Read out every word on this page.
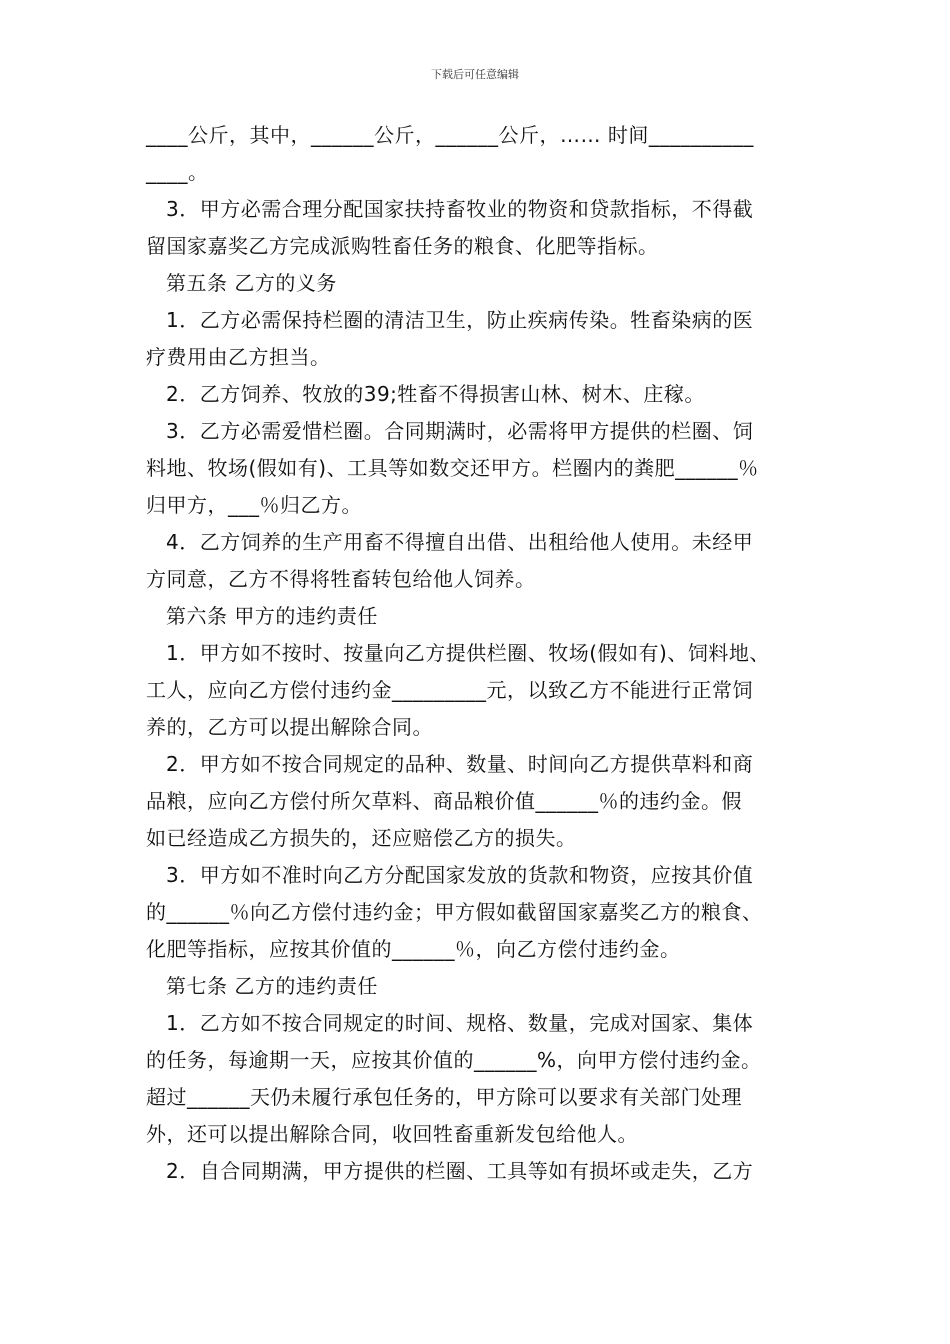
下载后可任意编辑
____公斤，其中，______公斤，______公斤，…… 时间__________
____。
3．甲方必需合理分配国家扶持畜牧业的物资和贷款指标，不得截
留国家嘉奖乙方完成派购牲畜任务的粮食、化肥等指标。
第五条 乙方的义务
1．乙方必需保持栏圈的清洁卫生，防止疾病传染。牲畜染病的医
疗费用由乙方担当。
2．乙方饲养、牧放的39;牲畜不得损害山林、树木、庄稼。
3．乙方必需爱惜栏圈。合同期满时，必需将甲方提供的栏圈、饲
料地、牧场(假如有)、工具等如数交还甲方。栏圈内的粪肥______％
归甲方，___％归乙方。
4．乙方饲养的生产用畜不得擅自出借、出租给他人使用。未经甲
方同意，乙方不得将牲畜转包给他人饲养。
第六条 甲方的违约责任
1．甲方如不按时、按量向乙方提供栏圈、牧场(假如有)、饲料地、
工人，应向乙方偿付违约金_________元，以致乙方不能进行正常饲
养的，乙方可以提出解除合同。
2．甲方如不按合同规定的品种、数量、时间向乙方提供草料和商
品粮，应向乙方偿付所欠草料、商品粮价值______％的违约金。假
如已经造成乙方损失的，还应赔偿乙方的损失。
3．甲方如不准时向乙方分配国家发放的货款和物资，应按其价值
的______％向乙方偿付违约金；甲方假如截留国家嘉奖乙方的粮食、
化肥等指标，应按其价值的______％，向乙方偿付违约金。
第七条 乙方的违约责任
1．乙方如不按合同规定的时间、规格、数量，完成对国家、集体
的任务，每逾期一天，应按其价值的______%，向甲方偿付违约金。
超过______天仍未履行承包任务的，甲方除可以要求有关部门处理
外，还可以提出解除合同，收回牲畜重新发包给他人。
2．自合同期满，甲方提供的栏圈、工具等如有损坏或走失，乙方
